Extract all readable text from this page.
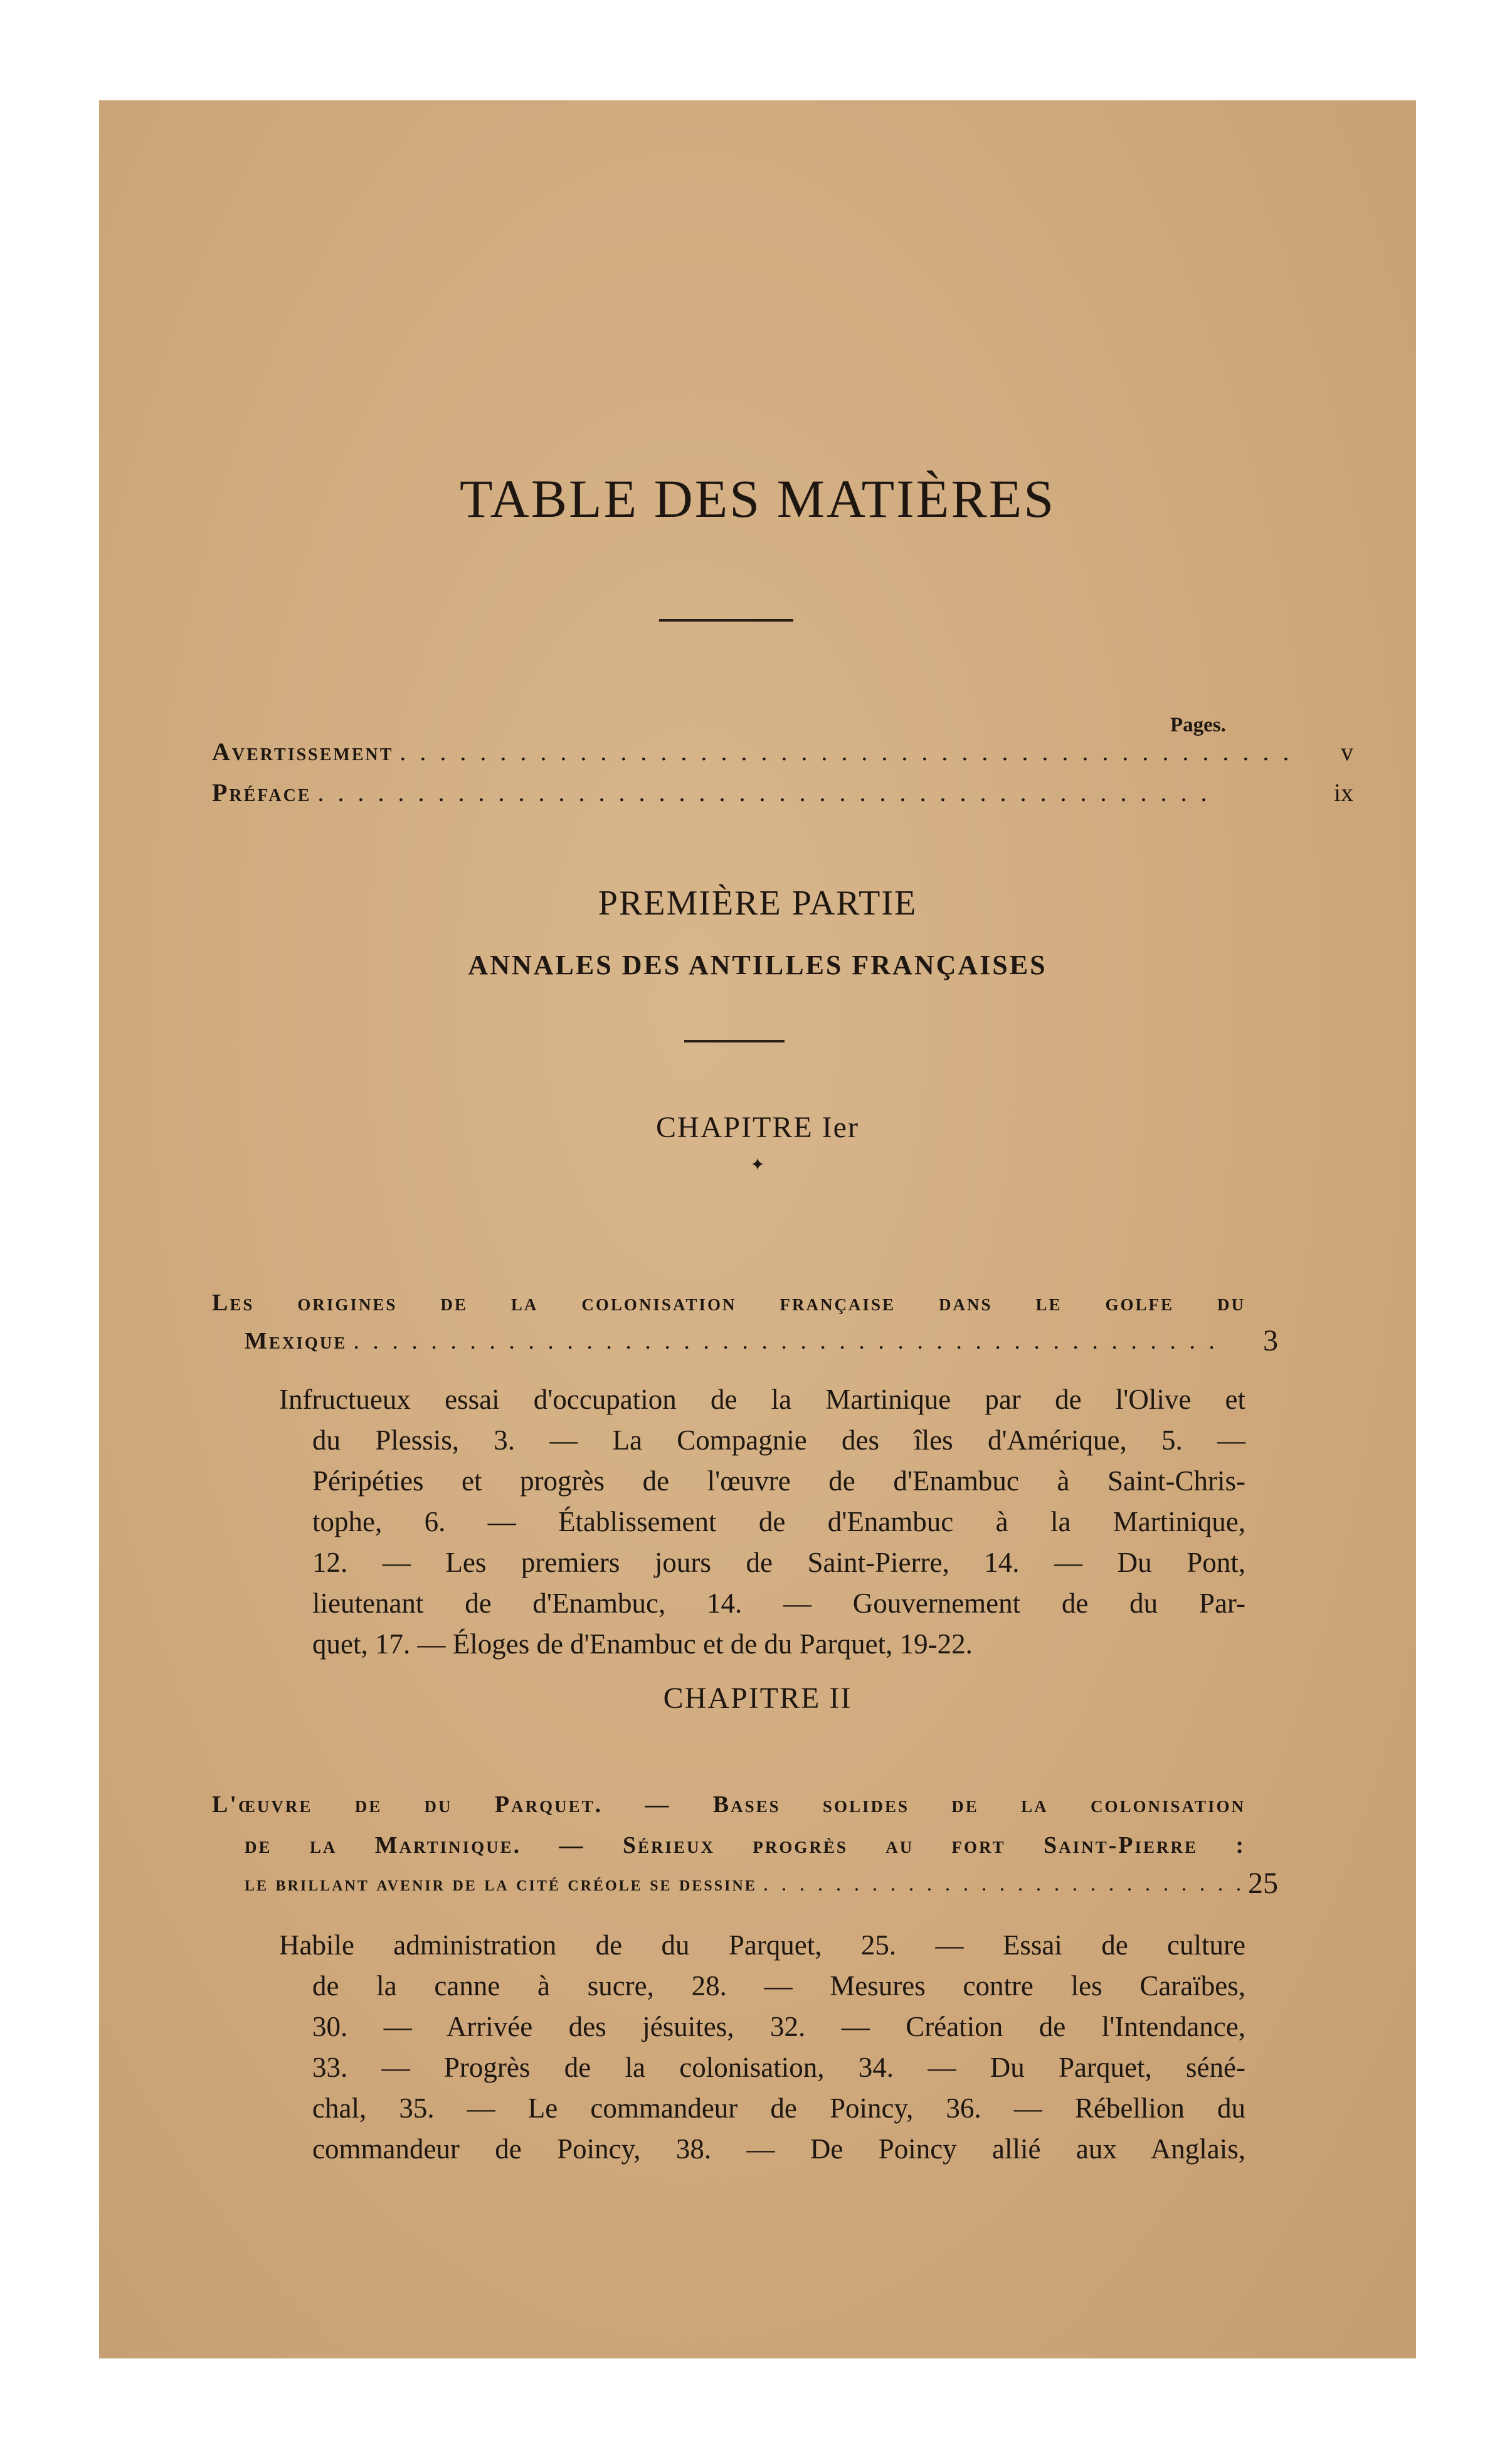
TABLE DES MATIÈRES
Pages.
Avertissement . .	v
Préface . .	ix
PREMIÈRE PARTIE
ANNALES DES ANTILLES FRANÇAISES
CHAPITRE Ier
✦
Les origines de la colonisation française dans le golfe du
Mexique . .	3
Infructueux essai d'occupation de la Martinique par de l'Olive et
du Plessis, 3. — La Compagnie des îles d'Amérique, 5. —
Péripéties et progrès de l'œuvre de d'Enambuc à Saint-Chris-
tophe, 6. — Établissement de d'Enambuc à la Martinique,
12. — Les premiers jours de Saint-Pierre, 14. — Du Pont,
lieutenant de d'Enambuc, 14. — Gouvernement de du Par-
quet, 17. — Éloges de d'Enambuc et de du Parquet, 19-22.
CHAPITRE II
L'œuvre de du Parquet. — Bases solides de la colonisation
de la Martinique. — Sérieux progrès au fort Saint-Pierre :
le brillant avenir de la cité créole se dessine . .	25
Habile administration de du Parquet, 25. — Essai de culture
de la canne à sucre, 28. — Mesures contre les Caraïbes,
30. — Arrivée des jésuites, 32. — Création de l'Intendance,
33. — Progrès de la colonisation, 34. — Du Parquet, séné-
chal, 35. — Le commandeur de Poincy, 36. — Rébellion du
commandeur de Poincy, 38. — De Poincy allié aux Anglais,
